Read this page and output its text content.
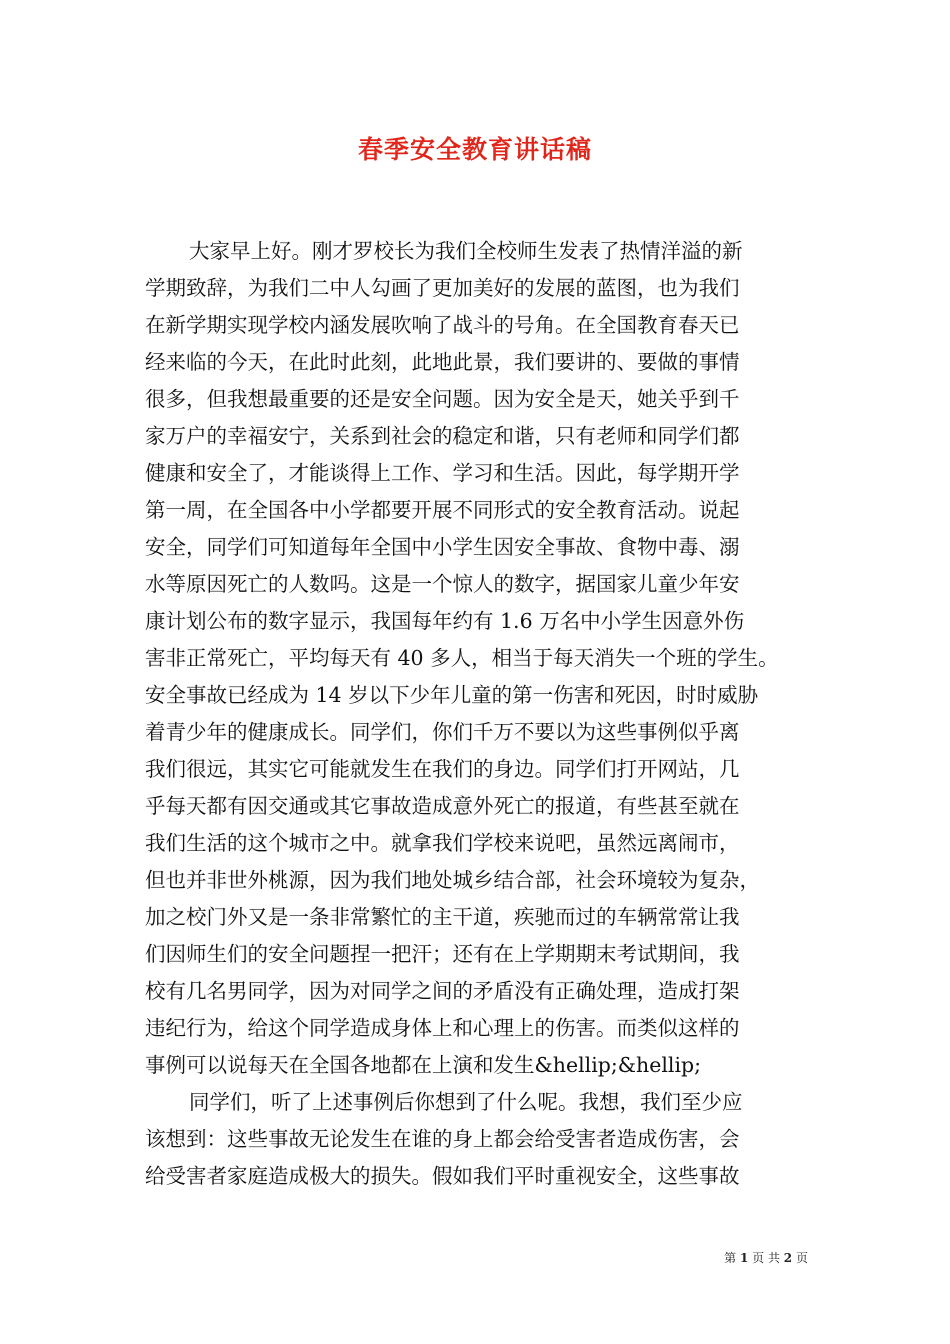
春季安全教育讲话稿
大家早上好。刚才罗校长为我们全校师生发表了热情洋溢的新
学期致辞，为我们二中人勾画了更加美好的发展的蓝图，也为我们
在新学期实现学校内涵发展吹响了战斗的号角。在全国教育春天已
经来临的今天，在此时此刻，此地此景，我们要讲的、要做的事情
很多，但我想最重要的还是安全问题。因为安全是天，她关乎到千
家万户的幸福安宁，关系到社会的稳定和谐，只有老师和同学们都
健康和安全了，才能谈得上工作、学习和生活。因此，每学期开学
第一周，在全国各中小学都要开展不同形式的安全教育活动。说起
安全，同学们可知道每年全国中小学生因安全事故、食物中毒、溺
水等原因死亡的人数吗。这是一个惊人的数字，据国家儿童少年安
康计划公布的数字显示，我国每年约有 1.6 万名中小学生因意外伤
害非正常死亡，平均每天有 40 多人，相当于每天消失一个班的学生。
安全事故已经成为 14 岁以下少年儿童的第一伤害和死因，时时威胁
着青少年的健康成长。同学们，你们千万不要以为这些事例似乎离
我们很远，其实它可能就发生在我们的身边。同学们打开网站，几
乎每天都有因交通或其它事故造成意外死亡的报道，有些甚至就在
我们生活的这个城市之中。就拿我们学校来说吧，虽然远离闹市，
但也并非世外桃源，因为我们地处城乡结合部，社会环境较为复杂，
加之校门外又是一条非常繁忙的主干道，疾驰而过的车辆常常让我
们因师生们的安全问题捏一把汗；还有在上学期期末考试期间，我
校有几名男同学，因为对同学之间的矛盾没有正确处理，造成打架
违纪行为，给这个同学造成身体上和心理上的伤害。而类似这样的
事例可以说每天在全国各地都在上演和发生&hellip;&hellip;
同学们，听了上述事例后你想到了什么呢。我想，我们至少应
该想到：这些事故无论发生在谁的身上都会给受害者造成伤害，会
给受害者家庭造成极大的损失。假如我们平时重视安全，这些事故
第 1 页 共 2 页
